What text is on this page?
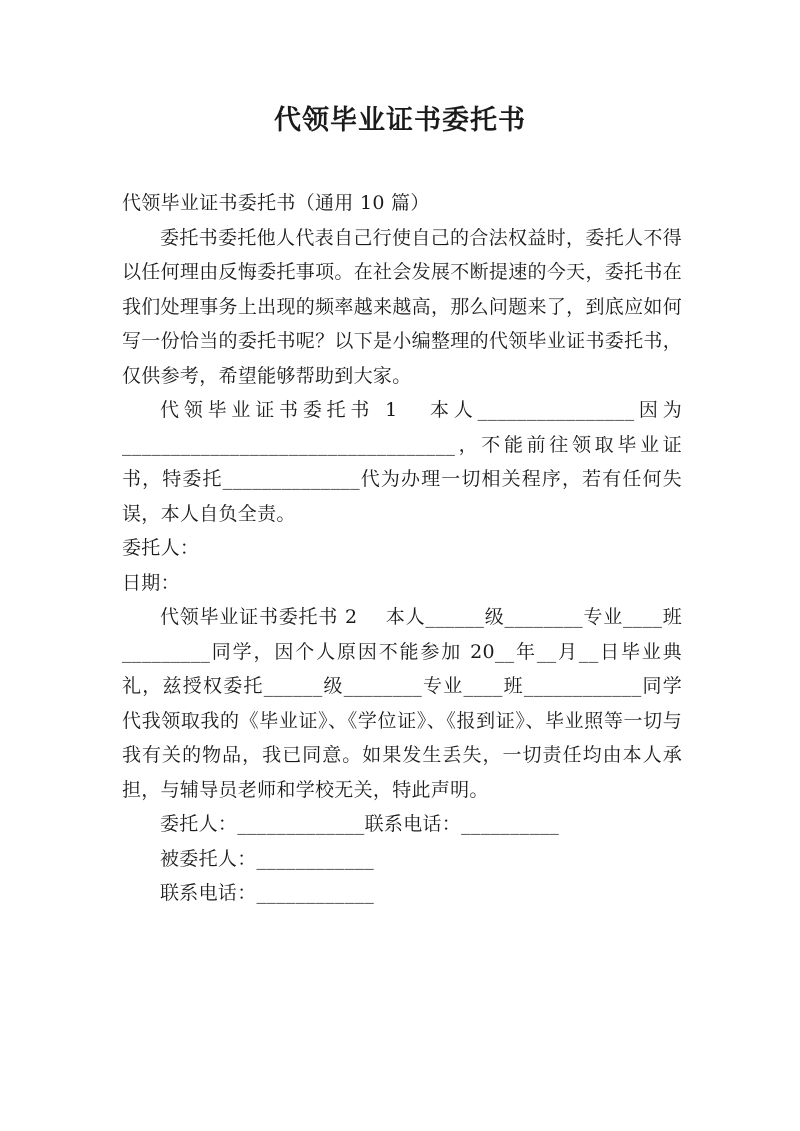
代领毕业证书委托书

代领毕业证书委托书（通用 10 篇）

委托书委托他人代表自己行使自己的合法权益时，委托人不得以任何理由反悔委托事项。在社会发展不断提速的今天，委托书在我们处理事务上出现的频率越来越高，那么问题来了，到底应如何写一份恰当的委托书呢？以下是小编整理的代领毕业证书委托书，仅供参考，希望能够帮助到大家。

代领毕业证书委托书 1 本人________________因为__________________________________，不能前往领取毕业证书，特委托______________代为办理一切相关程序，若有任何失误，本人自负全责。

委托人：

日期：

代领毕业证书委托书 2 本人______级________专业____班_________同学，因个人原因不能参加 20__年__月__日毕业典礼，兹授权委托______级________专业____班____________同学代我领取我的《毕业证》、《学位证》、《报到证》、毕业照等一切与我有关的物品，我已同意。如果发生丢失，一切责任均由本人承担，与辅导员老师和学校无关，特此声明。

委托人：_____________联系电话：__________

被委托人：____________

联系电话：____________
